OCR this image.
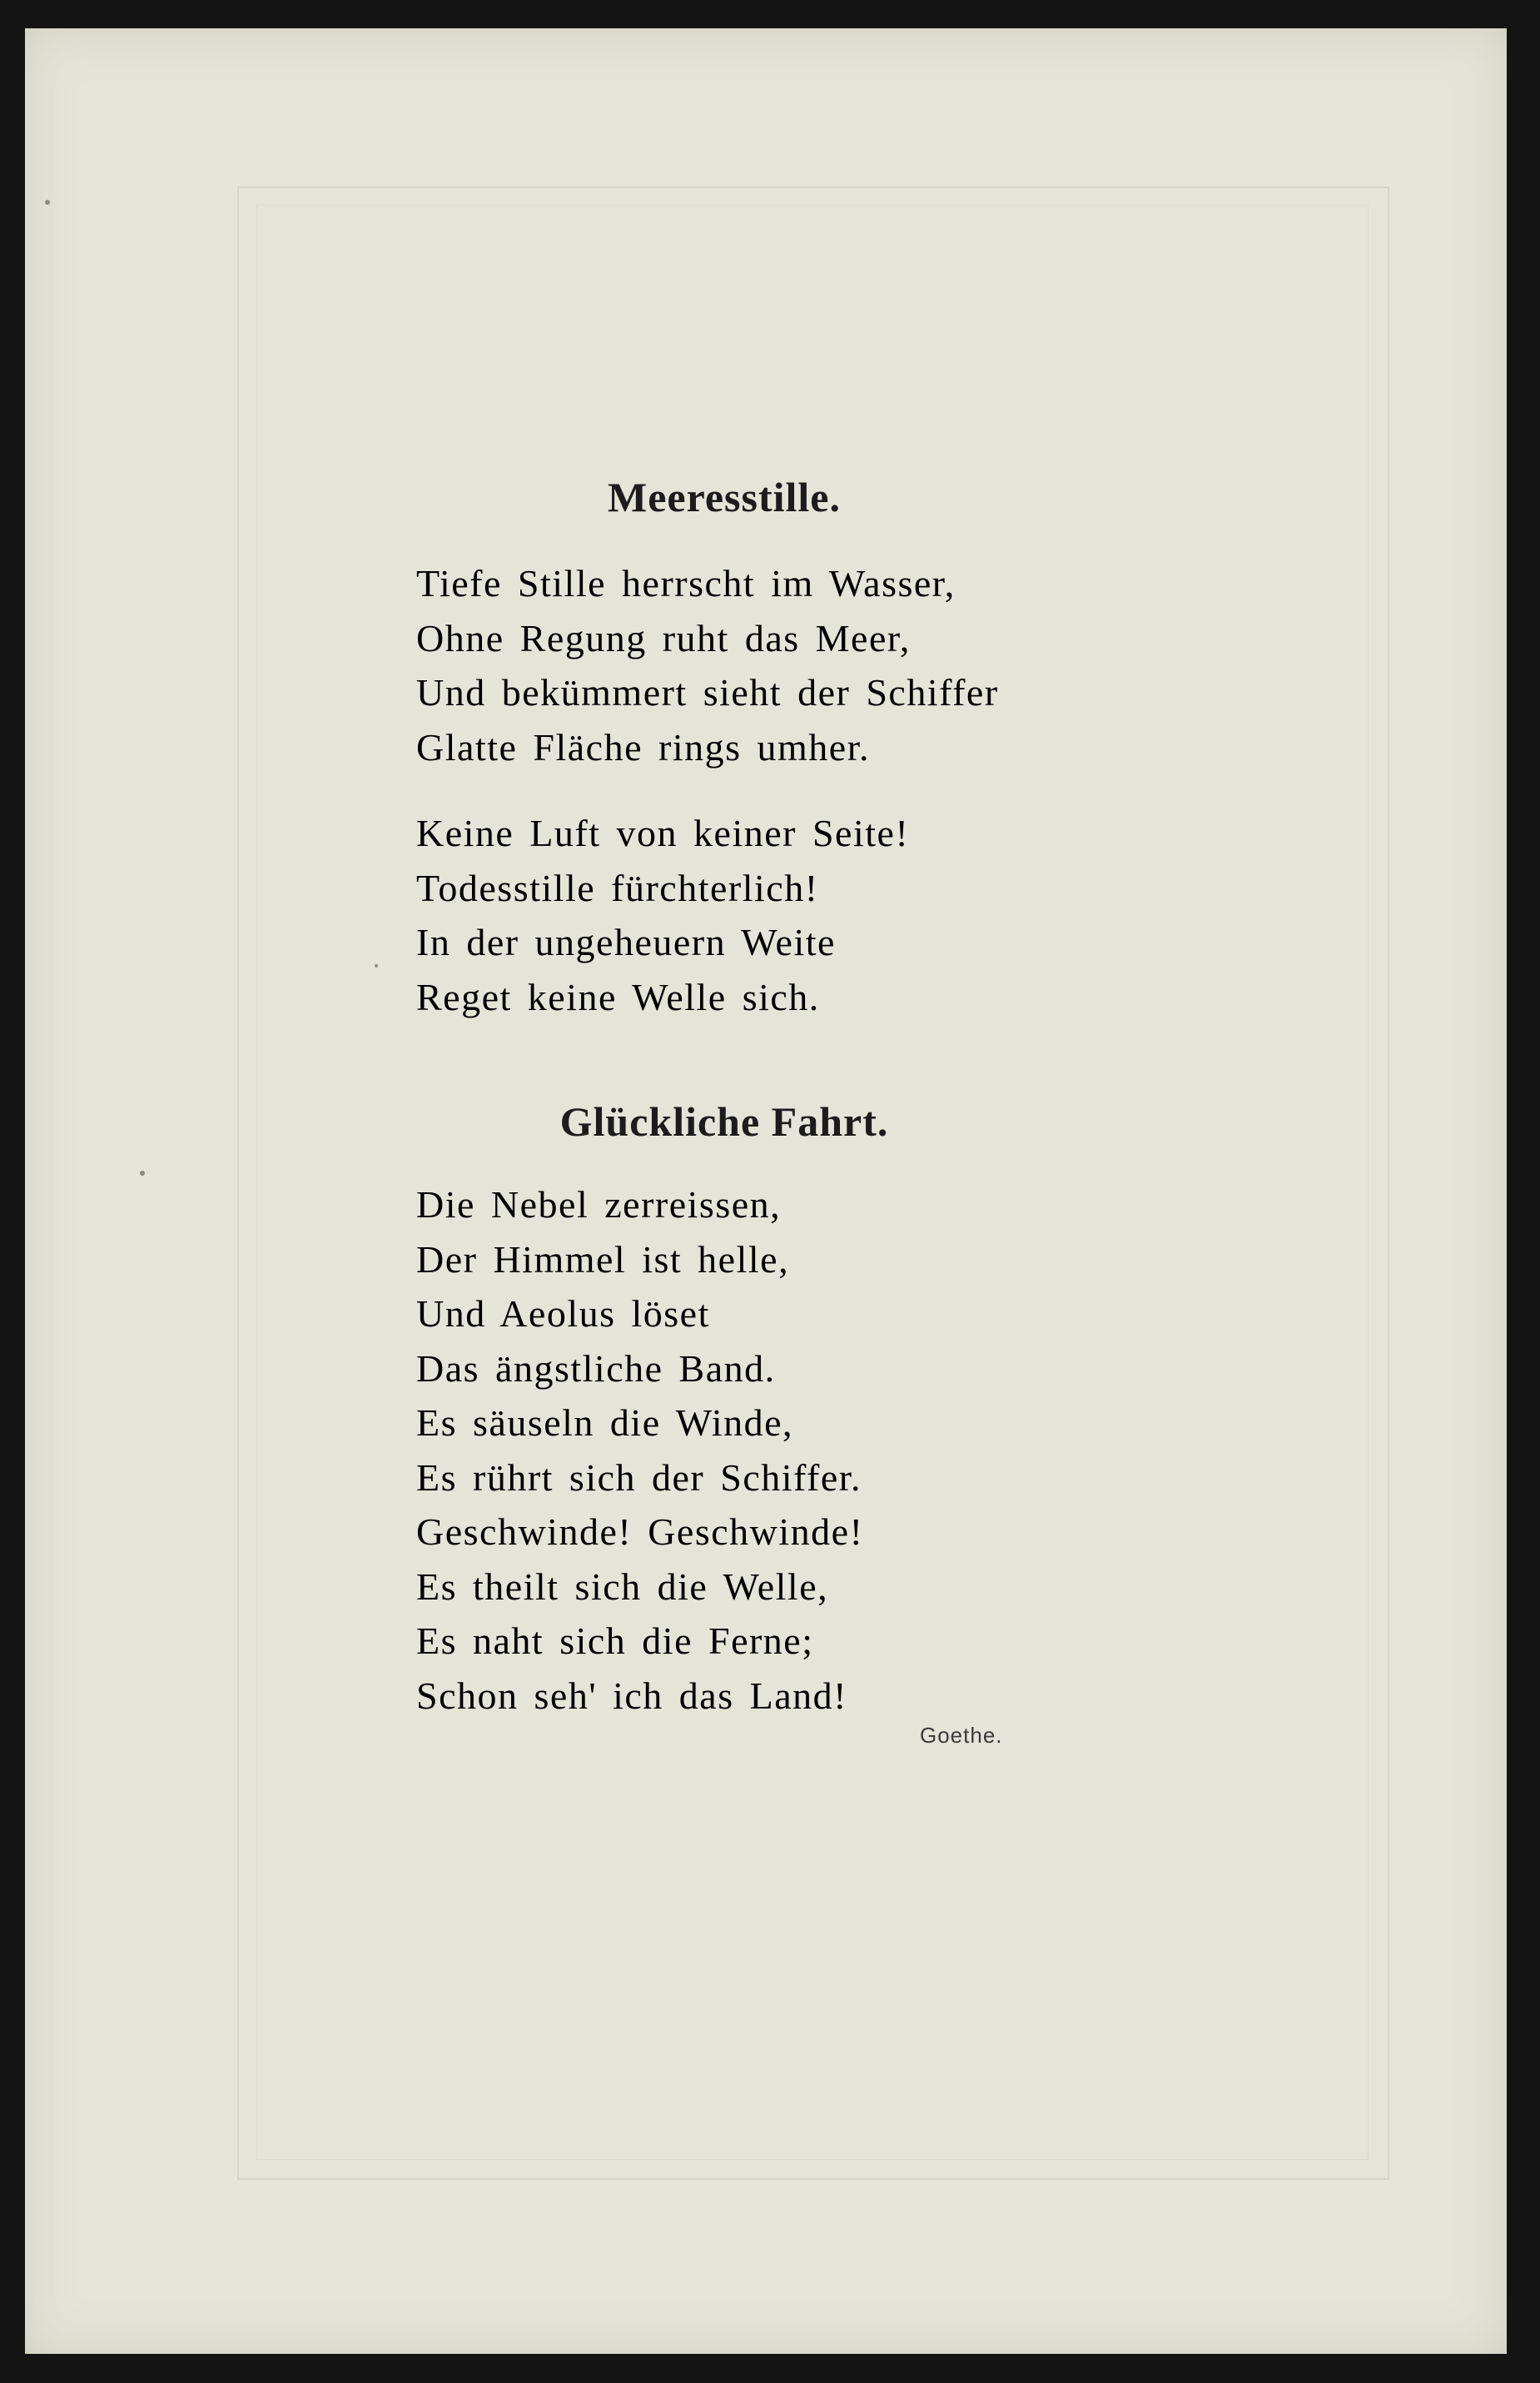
Meeresstille.
Tiefe Stille herrscht im Wasser,
Ohne Regung ruht das Meer,
Und bekümmert sieht der Schiffer
Glatte Fläche rings umher.
Keine Luft von keiner Seite!
Todesstille fürchterlich!
In der ungeheuern Weite
Reget keine Welle sich.
Glückliche Fahrt.
Die Nebel zerreissen,
Der Himmel ist helle,
Und Aeolus löset
Das ängstliche Band.
Es säuseln die Winde,
Es rührt sich der Schiffer.
Geschwinde! Geschwinde!
Es theilt sich die Welle,
Es naht sich die Ferne;
Schon seh' ich das Land!
Goethe.
